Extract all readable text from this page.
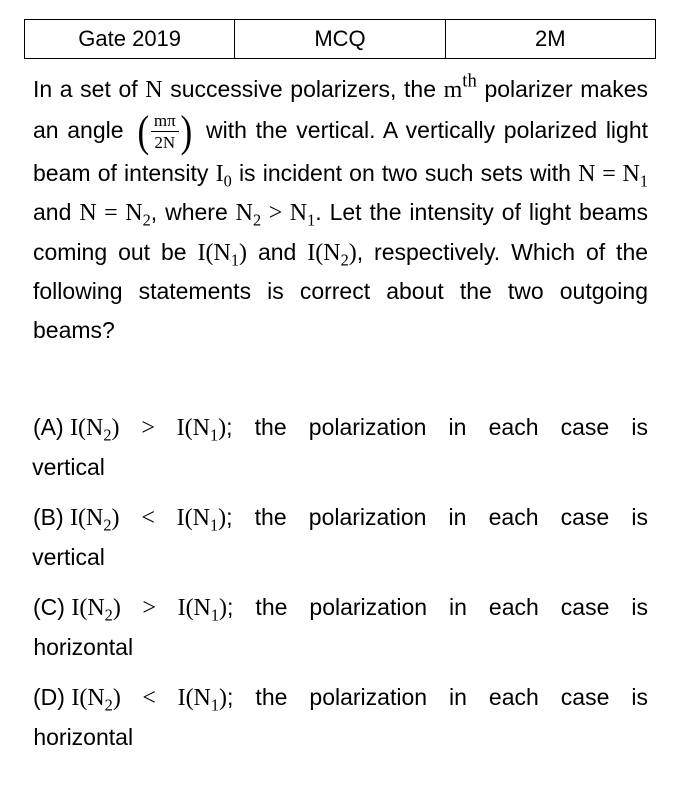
Gate 2019	MCQ	2M

In a set of N successive polarizers, the $m^{th}$ polarizer makes an angle ( $\frac{m\pi}{2N}$ ) with the vertical. A vertically polarized light beam of intensity $I_0$ is incident on two such sets with $N = N_1$ and $N = N_2$, where $N_2 > N_1$. Let the intensity of light beams coming out be $I(N_1)$ and $I(N_2)$, respectively. Which of the following statements is correct about the two outgoing beams?

(A)
$I(N_2) > I(N_1)$; the polarization in each case is
vertical
(B)
$I(N_2) < I(N_1)$; the polarization in each case is
vertical
(C)
$I(N_2) > I(N_1)$; the polarization in each case is
horizontal
(D)
$I(N_2) < I(N_1)$; the polarization in each case is
horizontal
